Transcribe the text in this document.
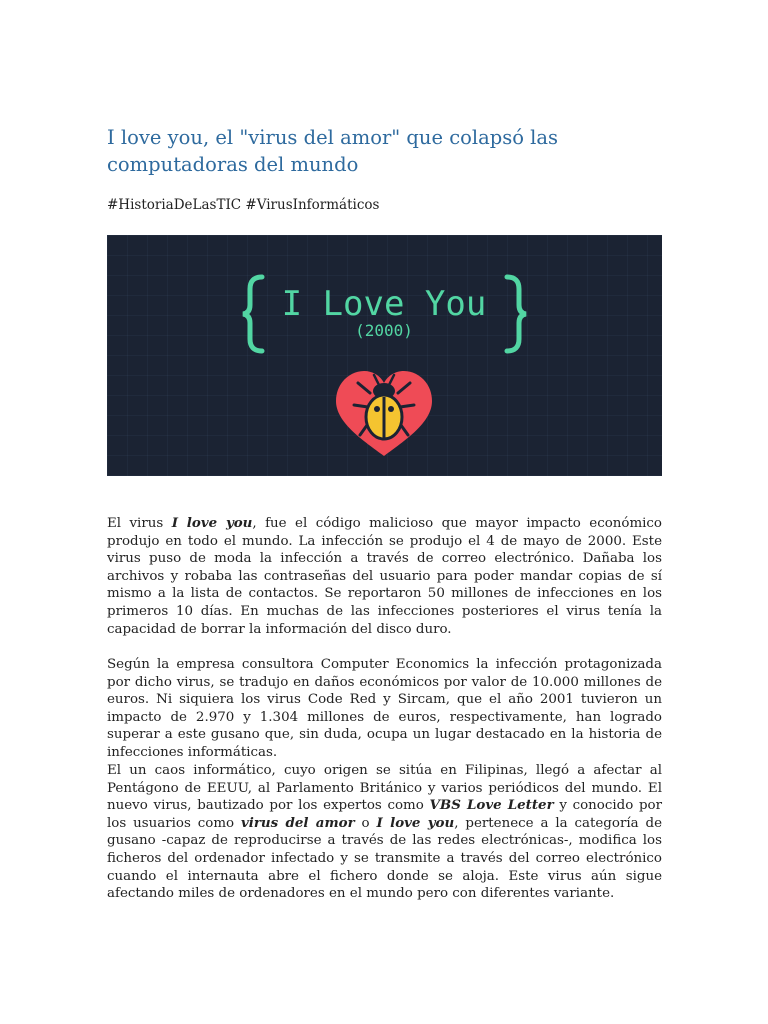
I love you, el "virus del amor" que colapsó las computadoras del mundo

#HistoriaDeLasTIC #VirusInformáticos

I Love You
(2000)

El virus I love you, fue el código malicioso que mayor impacto económico produjo en todo el mundo. La infección se produjo el 4 de mayo de 2000. Este virus puso de moda la infección a través de correo electrónico. Dañaba los archivos y robaba las contraseñas del usuario para poder mandar copias de sí mismo a la lista de contactos. Se reportaron 50 millones de infecciones en los primeros 10 días. En muchas de las infecciones posteriores el virus tenía la capacidad de borrar la información del disco duro.

Según la empresa consultora Computer Economics la infección protagonizada por dicho virus, se tradujo en daños económicos por valor de 10.000 millones de euros. Ni siquiera los virus Code Red y Sircam, que el año 2001 tuvieron un impacto de 2.970 y 1.304 millones de euros, respectivamente, han logrado superar a este gusano que, sin duda, ocupa un lugar destacado en la historia de infecciones informáticas.

El un caos informático, cuyo origen se sitúa en Filipinas, llegó a afectar al Pentágono de EEUU, al Parlamento Británico y varios periódicos del mundo. El nuevo virus, bautizado por los expertos como VBS Love Letter y conocido por los usuarios como virus del amor o I love you, pertenece a la categoría de gusano -capaz de reproducirse a través de las redes electrónicas-, modifica los ficheros del ordenador infectado y se transmite a través del correo electrónico cuando el internauta abre el fichero donde se aloja. Este virus aún sigue afectando miles de ordenadores en el mundo pero con diferentes variante.
